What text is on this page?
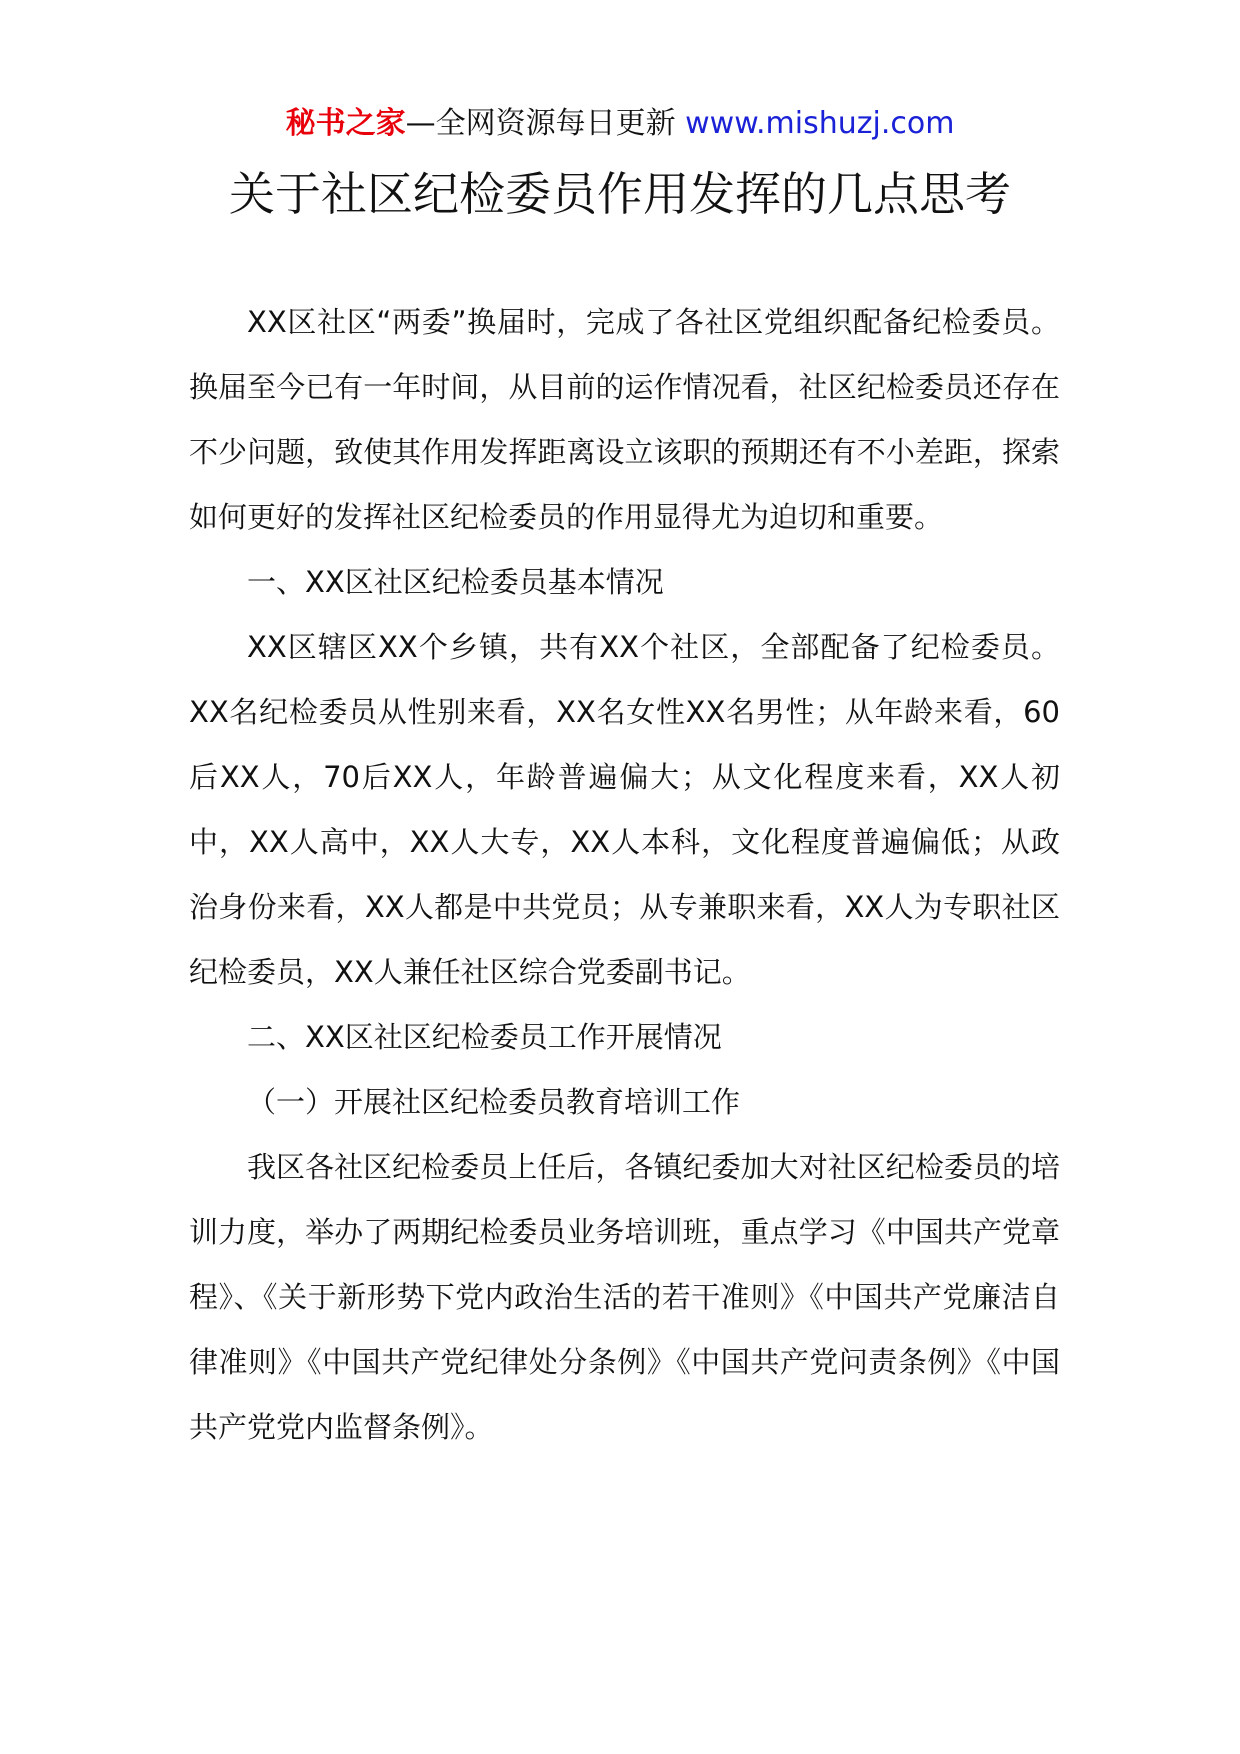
秘书之家—全网资源每日更新 www.mishuzj.com
关于社区纪检委员作用发挥的几点思考

XX区社区“两委”换届时，完成了各社区党组织配备纪检委员。换届至今已有一年时间，从目前的运作情况看，社区纪检委员还存在不少问题，致使其作用发挥距离设立该职的预期还有不小差距，探索如何更好的发挥社区纪检委员的作用显得尤为迫切和重要。

一、XX区社区纪检委员基本情况

XX区辖区XX个乡镇，共有XX个社区，全部配备了纪检委员。XX名纪检委员从性别来看，XX名女性XX名男性；从年龄来看，60后XX人，70后XX人，年龄普遍偏大；从文化程度来看，XX人初中，XX人高中，XX人大专，XX人本科，文化程度普遍偏低；从政治身份来看，XX人都是中共党员；从专兼职来看，XX人为专职社区纪检委员，XX人兼任社区综合党委副书记。

二、XX区社区纪检委员工作开展情况

（一）开展社区纪检委员教育培训工作

我区各社区纪检委员上任后，各镇纪委加大对社区纪检委员的培训力度，举办了两期纪检委员业务培训班，重点学习《中国共产党章程》、《关于新形势下党内政治生活的若干准则》《中国共产党廉洁自律准则》《中国共产党纪律处分条例》《中国共产党问责条例》《中国共产党党内监督条例》。
